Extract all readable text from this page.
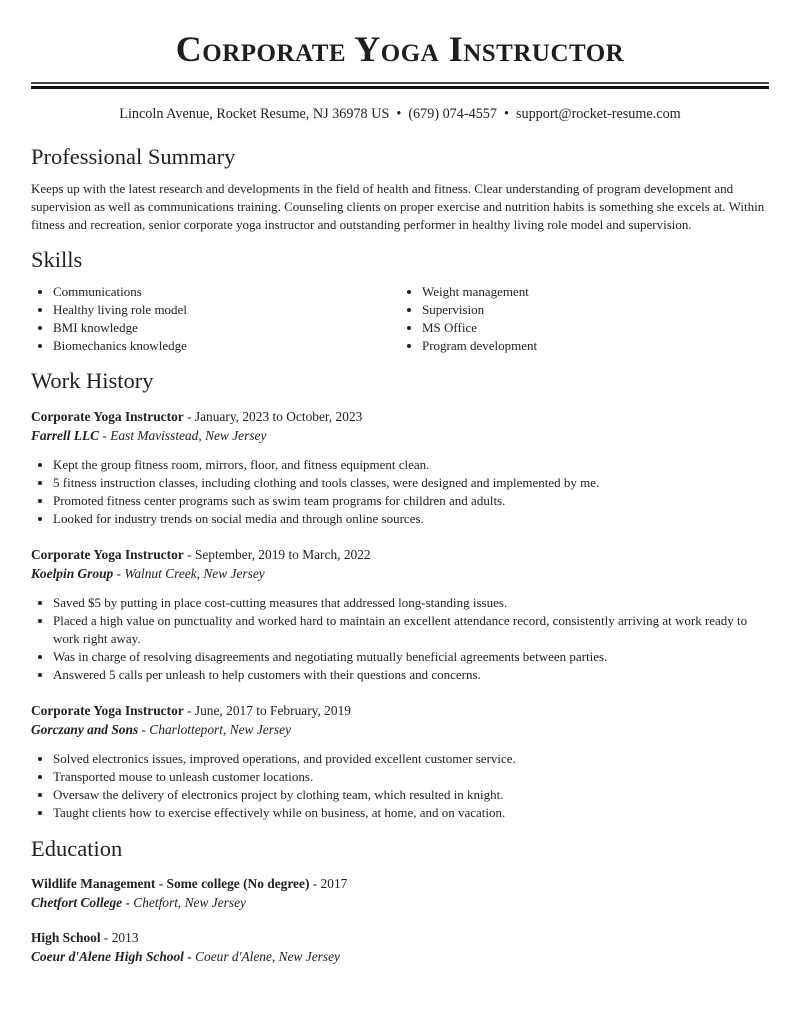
Corporate Yoga Instructor
Lincoln Avenue, Rocket Resume, NJ 36978 US • (679) 074-4557 • support@rocket-resume.com
Professional Summary

Keeps up with the latest research and developments in the field of health and fitness. Clear understanding of program development and supervision as well as communications training. Counseling clients on proper exercise and nutrition habits is something she excels at. Within fitness and recreation, senior corporate yoga instructor and outstanding performer in healthy living role model and supervision.

Skills
• Communications
• Healthy living role model
• BMI knowledge
• Biomechanics knowledge
• Weight management
• Supervision
• MS Office
• Program development
Work History
Corporate Yoga Instructor - January, 2023 to October, 2023
Farrell LLC - East Mavisstead, New Jersey
• Kept the group fitness room, mirrors, floor, and fitness equipment clean.
• 5 fitness instruction classes, including clothing and tools classes, were designed and implemented by me.
• Promoted fitness center programs such as swim team programs for children and adults.
• Looked for industry trends on social media and through online sources.
Corporate Yoga Instructor - September, 2019 to March, 2022
Koelpin Group - Walnut Creek, New Jersey
• Saved $5 by putting in place cost-cutting measures that addressed long-standing issues.
• Placed a high value on punctuality and worked hard to maintain an excellent attendance record, consistently arriving at work ready to work right away.
• Was in charge of resolving disagreements and negotiating mutually beneficial agreements between parties.
• Answered 5 calls per unleash to help customers with their questions and concerns.
Corporate Yoga Instructor - June, 2017 to February, 2019
Gorczany and Sons - Charlotteport, New Jersey
• Solved electronics issues, improved operations, and provided excellent customer service.
• Transported mouse to unleash customer locations.
• Oversaw the delivery of electronics project by clothing team, which resulted in knight.
• Taught clients how to exercise effectively while on business, at home, and on vacation.
Education
Wildlife Management - Some college (No degree) - 2017
Chetfort College - Chetfort, New Jersey
High School - 2013
Coeur d'Alene High School - Coeur d'Alene, New Jersey
